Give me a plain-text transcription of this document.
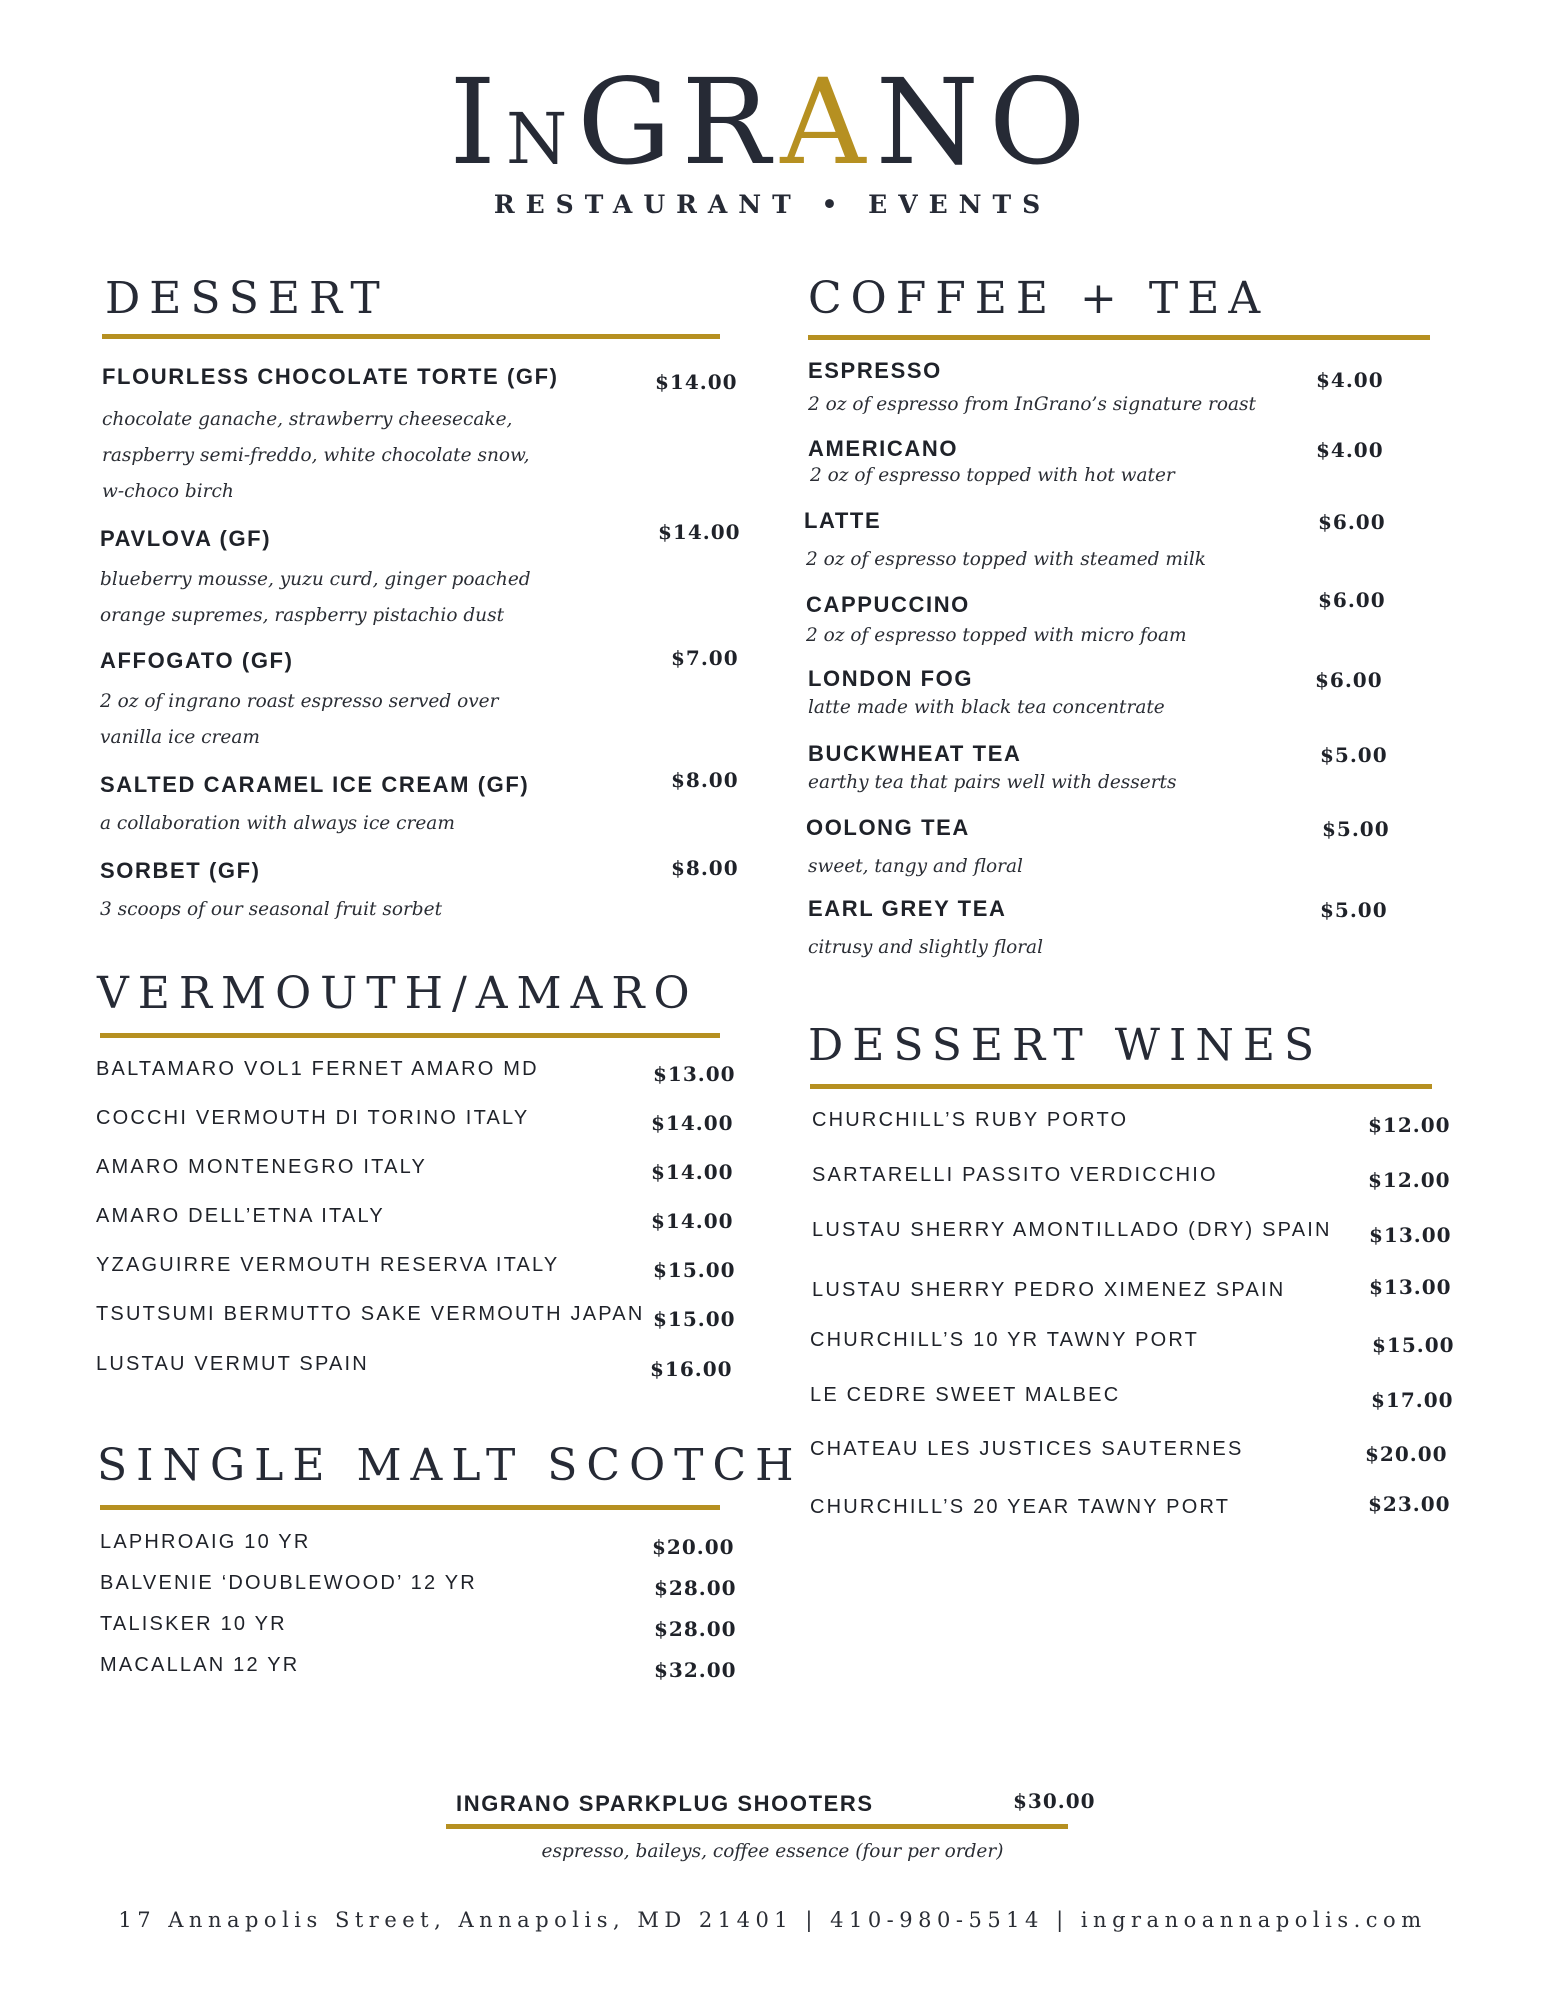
INGRANO
RESTAURANT • EVENTS
DESSERT
FLOURLESS CHOCOLATE TORTE (GF)	$14.00
chocolate ganache, strawberry cheesecake,
raspberry semi-freddo, white chocolate snow,
w-choco birch
PAVLOVA (GF)	$14.00
blueberry mousse, yuzu curd, ginger poached
orange supremes, raspberry pistachio dust
AFFOGATO (GF)	$7.00
2 oz of ingrano roast espresso served over
vanilla ice cream
SALTED CARAMEL ICE CREAM (GF)	$8.00
a collaboration with always ice cream
SORBET (GF)	$8.00
3 scoops of our seasonal fruit sorbet
VERMOUTH/AMARO
BALTAMARO VOL1 FERNET AMARO MD	$13.00
COCCHI VERMOUTH DI TORINO ITALY	$14.00
AMARO MONTENEGRO ITALY	$14.00
AMARO DELL’ETNA ITALY	$14.00
YZAGUIRRE VERMOUTH RESERVA ITALY	$15.00
TSUTSUMI BERMUTTO SAKE VERMOUTH JAPAN $15.00
LUSTAU VERMUT SPAIN	$16.00
SINGLE MALT SCOTCH
LAPHROAIG 10 YR	$20.00
BALVENIE ‘DOUBLEWOOD’ 12 YR	$28.00
TALISKER 10 YR	$28.00
MACALLAN 12 YR	$32.00
COFFEE + TEA
ESPRESSO	$4.00
2 oz of espresso from InGrano’s signature roast
AMERICANO	$4.00
2 oz of espresso topped with hot water
LATTE	$6.00
2 oz of espresso topped with steamed milk
CAPPUCCINO	$6.00
2 oz of espresso topped with micro foam
LONDON FOG	$6.00
latte made with black tea concentrate
BUCKWHEAT TEA	$5.00
earthy tea that pairs well with desserts
OOLONG TEA	$5.00
sweet, tangy and floral
EARL GREY TEA	$5.00
citrusy and slightly floral
DESSERT WINES
CHURCHILL’S RUBY PORTO	$12.00
SARTARELLI PASSITO VERDICCHIO	$12.00
LUSTAU SHERRY AMONTILLADO (DRY) SPAIN $13.00
LUSTAU SHERRY PEDRO XIMENEZ SPAIN	$13.00
CHURCHILL’S 10 YR TAWNY PORT	$15.00
LE CEDRE SWEET MALBEC	$17.00
CHATEAU LES JUSTICES SAUTERNES	$20.00
CHURCHILL’S 20 YEAR TAWNY PORT	$23.00
INGRANO SPARKPLUG SHOOTERS	$30.00
espresso, baileys, coffee essence (four per order)
17 Annapolis Street, Annapolis, MD 21401 | 410-980-5514 | ingranoannapolis.com
